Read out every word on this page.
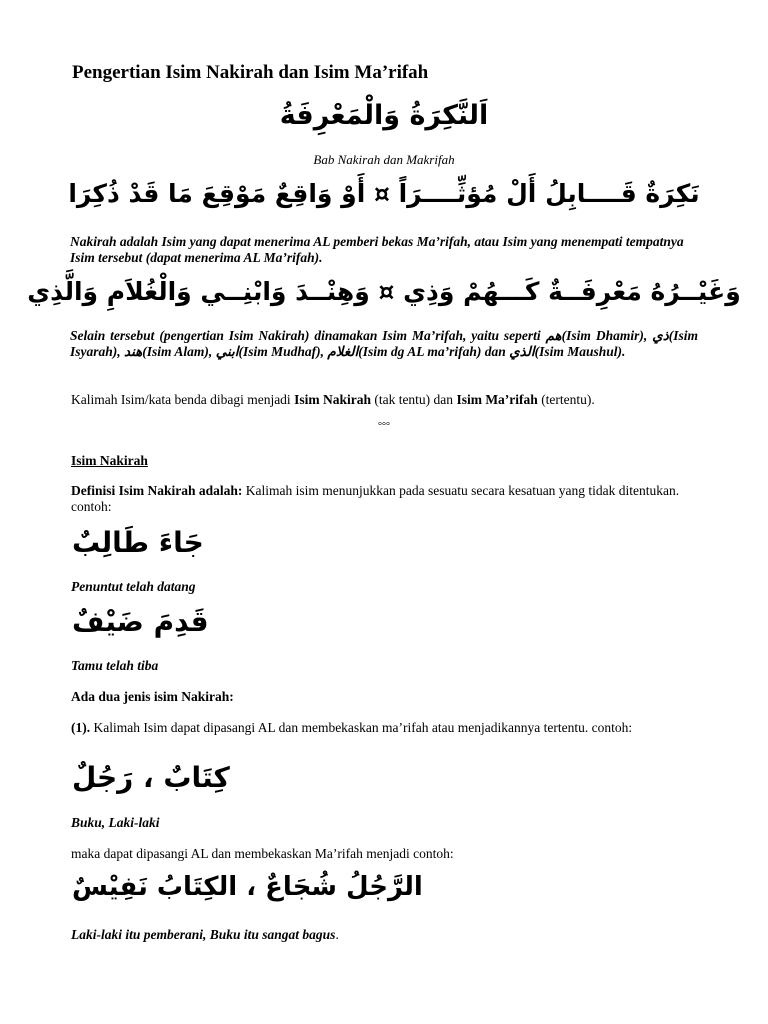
Pengertian Isim Nakirah dan Isim Ma’rifah
اَلنَّكِرَةُ وَالْمَعْرِفَةُ
Bab Nakirah dan Makrifah
نَكِرَةٌ قَــــابِلُ أَلْ مُؤثِّــــرَاً ¤ أَوْ وَاقِعٌ مَوْقِعَ مَا قَدْ ذُكِرَا
Nakirah adalah Isim yang dapat menerima AL pemberi bekas Ma’rifah, atau Isim yang menempati tempatnya Isim tersebut (dapat menerima AL Ma’rifah).
وَغَيْــرُهُ مَعْرِفَــةٌ كَـــهُمْ وَذِي ¤ وَهِنْــدَ وَابْنِــي وَالْغُلاَمِ وَالَّذِي
Selain tersebut (pengertian Isim Nakirah) dinamakan Isim Ma’rifah, yaitu seperti هم(Isim Dhamir), ذي(Isim Isyarah), هند(Isim Alam), ابني(Isim Mudhaf), الغلام(Isim dg AL ma’rifah) dan الذي(Isim Maushul).
Kalimah Isim/kata benda dibagi menjadi Isim Nakirah (tak tentu) dan Isim Ma’rifah (tertentu).
°°°
Isim Nakirah
Definisi Isim Nakirah adalah: Kalimah isim menunjukkan pada sesuatu secara kesatuan yang tidak ditentukan. contoh:
جَاءَ طَالِبٌ
Penuntut telah datang
قَدِمَ ضَيْفٌ
Tamu telah tiba
Ada dua jenis isim Nakirah:
(1). Kalimah Isim dapat dipasangi AL dan membekaskan ma’rifah atau menjadikannya tertentu. contoh:
كِتَابٌ ، رَجُلٌ
Buku, Laki-laki
maka dapat dipasangi AL dan membekaskan Ma’rifah menjadi contoh:
الرَّجُلُ شُجَاعٌ ، الكِتَابُ نَفِيْسٌ
Laki-laki itu pemberani, Buku itu sangat bagus.
